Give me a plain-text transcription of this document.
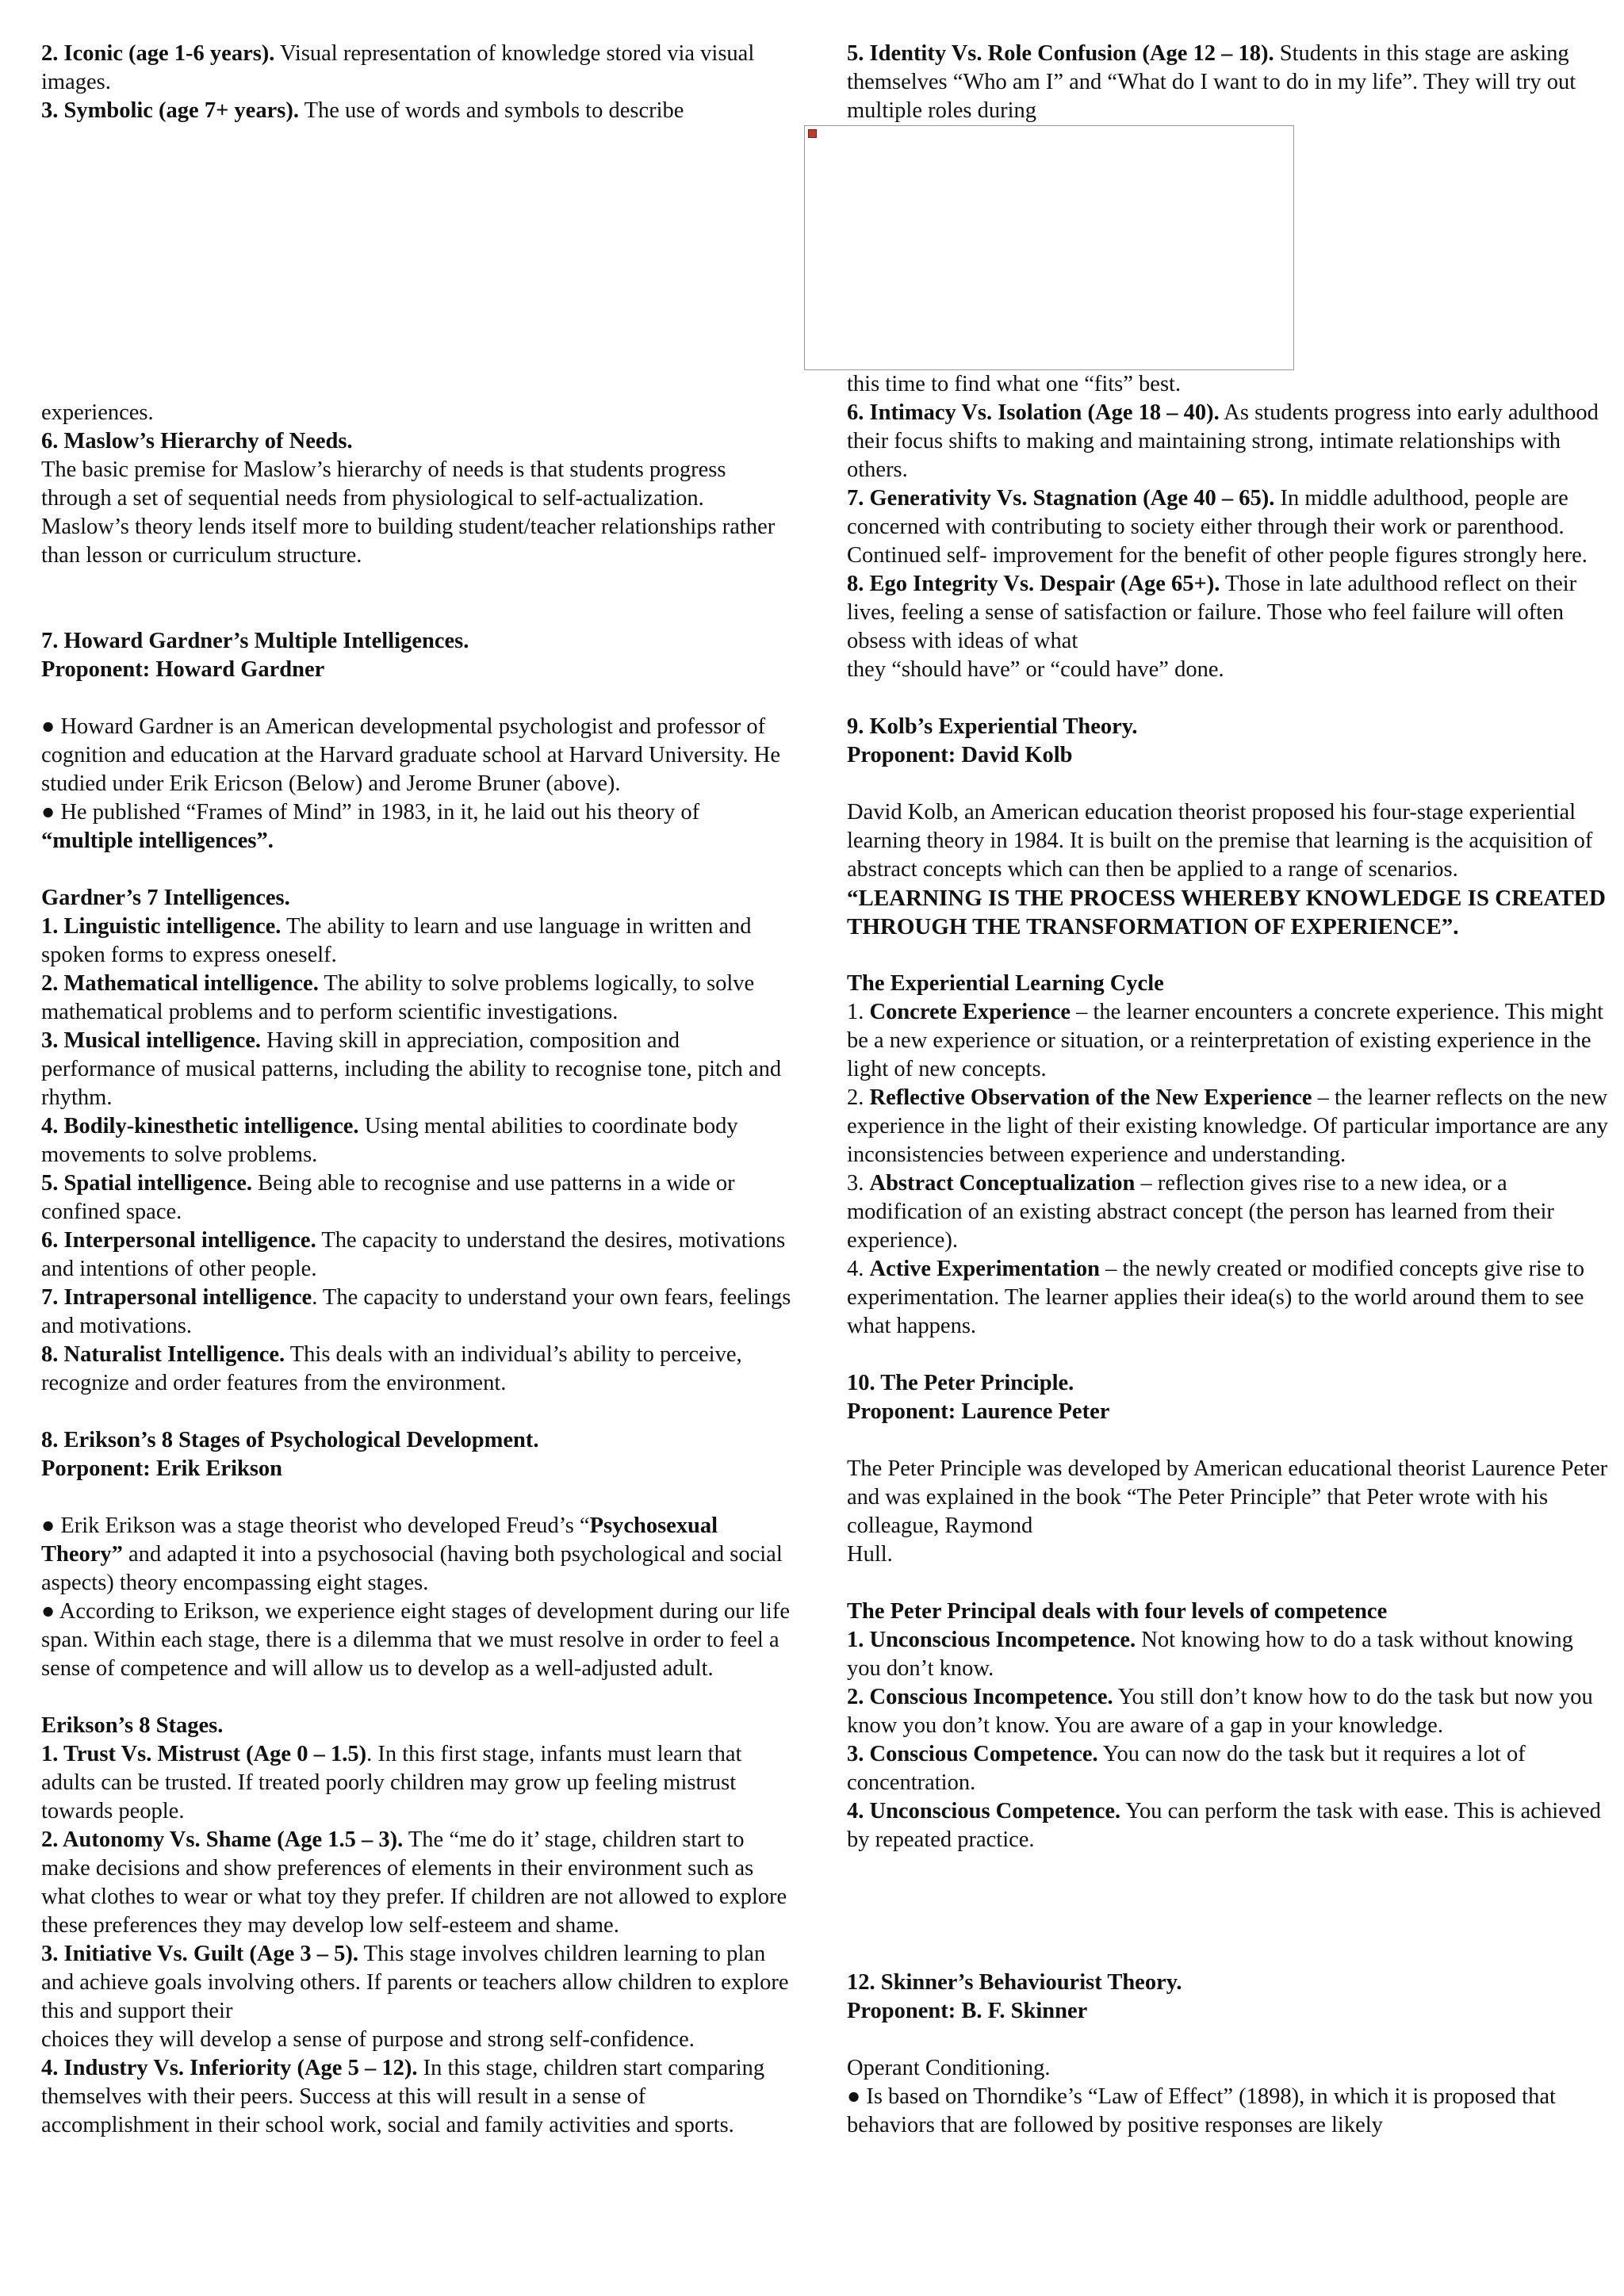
2. Iconic (age 1-6 years). Visual representation of knowledge stored via visual images.

3. Symbolic (age 7+ years). The use of words and symbols to describe

experiences.

6. Maslow’s Hierarchy of Needs.

The basic premise for Maslow’s hierarchy of needs is that students progress through a set of sequential needs from physiological to self-actualization.

Maslow’s theory lends itself more to building student/teacher relationships rather than lesson or curriculum structure.

7. Howard Gardner’s Multiple Intelligences.

Proponent: Howard Gardner

● Howard Gardner is an American developmental psychologist and professor of cognition and education at the Harvard graduate school at Harvard University. He studied under Erik Ericson (Below) and Jerome Bruner (above).

● He published “Frames of Mind” in 1983, in it, he laid out his theory of “multiple intelligences”.

Gardner’s 7 Intelligences.

1. Linguistic intelligence. The ability to learn and use language in written and spoken forms to express oneself.

2. Mathematical intelligence. The ability to solve problems logically, to solve mathematical problems and to perform scientific investigations.

3. Musical intelligence. Having skill in appreciation, composition and performance of musical patterns, including the ability to recognise tone, pitch and rhythm.

4. Bodily-kinesthetic intelligence. Using mental abilities to coordinate body movements to solve problems.

5. Spatial intelligence. Being able to recognise and use patterns in a wide or confined space.

6. Interpersonal intelligence. The capacity to understand the desires, motivations and intentions of other people.

7. Intrapersonal intelligence. The capacity to understand your own fears, feelings and motivations.

8. Naturalist Intelligence. This deals with an individual’s ability to perceive, recognize and order features from the environment.

8. Erikson’s 8 Stages of Psychological Development.

Porponent: Erik Erikson

● Erik Erikson was a stage theorist who developed Freud’s “Psychosexual Theory” and adapted it into a psychosocial (having both psychological and social aspects) theory encompassing eight stages.

● According to Erikson, we experience eight stages of development during our life span. Within each stage, there is a dilemma that we must resolve in order to feel a sense of competence and will allow us to develop as a well-adjusted adult.

Erikson’s 8 Stages.

1. Trust Vs. Mistrust (Age 0 – 1.5). In this first stage, infants must learn that adults can be trusted. If treated poorly children may grow up feeling mistrust towards people.

2. Autonomy Vs. Shame (Age 1.5 – 3). The “me do it’ stage, children start to make decisions and show preferences of elements in their environment such as what clothes to wear or what toy they prefer. If children are not allowed to explore these preferences they may develop low self-esteem and shame.

3. Initiative Vs. Guilt (Age 3 – 5). This stage involves children learning to plan and achieve goals involving others. If parents or teachers allow children to explore this and support their

choices they will develop a sense of purpose and strong self-confidence.

4. Industry Vs. Inferiority (Age 5 – 12). In this stage, children start comparing themselves with their peers. Success at this will result in a sense of accomplishment in their school work, social and family activities and sports.

5. Identity Vs. Role Confusion (Age 12 – 18). Students in this stage are asking themselves “Who am I” and “What do I want to do in my life”. They will try out multiple roles during

this time to find what one “fits” best.

6. Intimacy Vs. Isolation (Age 18 – 40). As students progress into early adulthood their focus shifts to making and maintaining strong, intimate relationships with others.

7. Generativity Vs. Stagnation (Age 40 – 65). In middle adulthood, people are concerned with contributing to society either through their work or parenthood. Continued self- improvement for the benefit of other people figures strongly here.

8. Ego Integrity Vs. Despair (Age 65+). Those in late adulthood reflect on their lives, feeling a sense of satisfaction or failure. Those who feel failure will often obsess with ideas of what

they “should have” or “could have” done.

9. Kolb’s Experiential Theory.

Proponent: David Kolb

David Kolb, an American education theorist proposed his four-stage experiential learning theory in 1984. It is built on the premise that learning is the acquisition of abstract concepts which can then be applied to a range of scenarios.

“LEARNING IS THE PROCESS WHEREBY KNOWLEDGE IS CREATED THROUGH THE TRANSFORMATION OF EXPERIENCE”.

The Experiential Learning Cycle

1. Concrete Experience – the learner encounters a concrete experience. This might be a new experience or situation, or a reinterpretation of existing experience in the light of new concepts.

2. Reflective Observation of the New Experience – the learner reflects on the new experience in the light of their existing knowledge. Of particular importance are any inconsistencies between experience and understanding.

3. Abstract Conceptualization – reflection gives rise to a new idea, or a modification of an existing abstract concept (the person has learned from their experience).

4. Active Experimentation – the newly created or modified concepts give rise to experimentation. The learner applies their idea(s) to the world around them to see what happens.

10. The Peter Principle.

Proponent: Laurence Peter

The Peter Principle was developed by American educational theorist Laurence Peter and was explained in the book “The Peter Principle” that Peter wrote with his colleague, Raymond

Hull.

The Peter Principal deals with four levels of competence

1. Unconscious Incompetence. Not knowing how to do a task without knowing you don’t know.

2. Conscious Incompetence. You still don’t know how to do the task but now you know you don’t know. You are aware of a gap in your knowledge.

3. Conscious Competence. You can now do the task but it requires a lot of concentration.

4. Unconscious Competence. You can perform the task with ease. This is achieved by repeated practice.

12. Skinner’s Behaviourist Theory.

Proponent: B. F. Skinner

Operant Conditioning.

● Is based on Thorndike’s “Law of Effect” (1898), in which it is proposed that behaviors that are followed by positive responses are likely
